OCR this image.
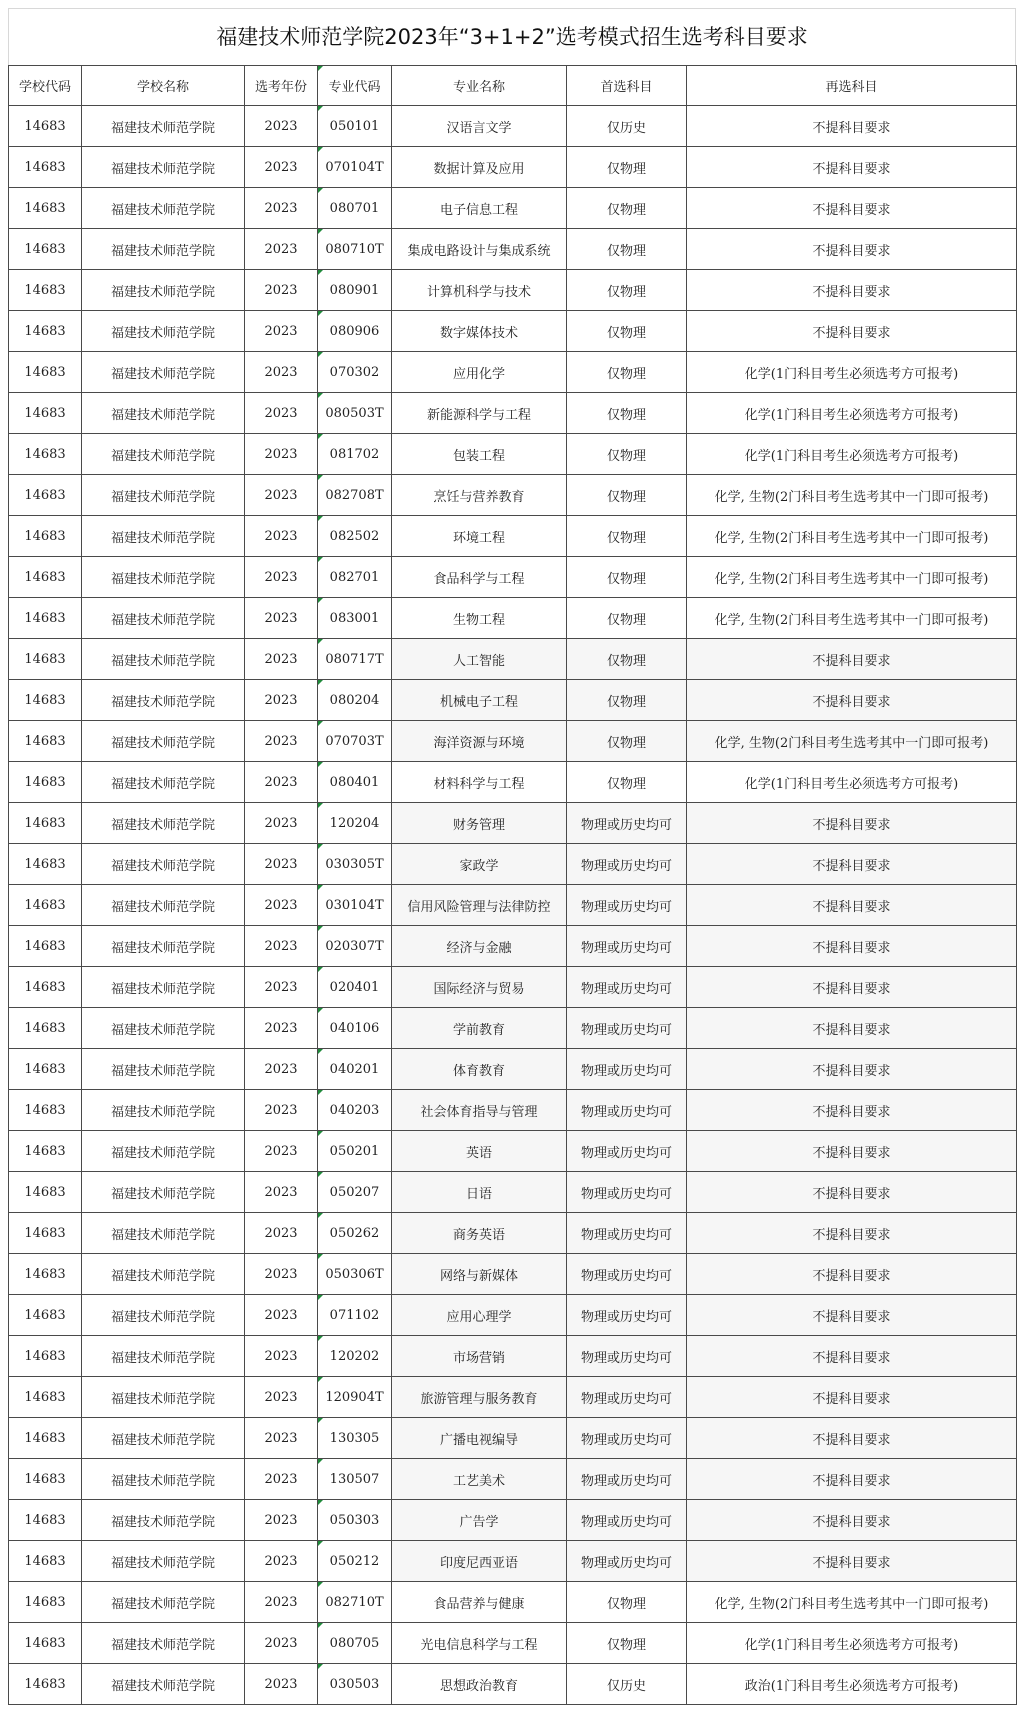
福建技术师范学院2023年“3+1+2”选考模式招生选考科目要求
学校代码	学校名称	选考年份	专业代码	专业名称	首选科目	再选科目
14683	福建技术师范学院	2023	050101	汉语言文学	仅历史	不提科目要求
14683	福建技术师范学院	2023	070104T	数据计算及应用	仅物理	不提科目要求
14683	福建技术师范学院	2023	080701	电子信息工程	仅物理	不提科目要求
14683	福建技术师范学院	2023	080710T	集成电路设计与集成系统	仅物理	不提科目要求
14683	福建技术师范学院	2023	080901	计算机科学与技术	仅物理	不提科目要求
14683	福建技术师范学院	2023	080906	数字媒体技术	仅物理	不提科目要求
14683	福建技术师范学院	2023	070302	应用化学	仅物理	化学(1门科目考生必须选考方可报考)
14683	福建技术师范学院	2023	080503T	新能源科学与工程	仅物理	化学(1门科目考生必须选考方可报考)
14683	福建技术师范学院	2023	081702	包装工程	仅物理	化学(1门科目考生必须选考方可报考)
14683	福建技术师范学院	2023	082708T	烹饪与营养教育	仅物理	化学, 生物(2门科目考生选考其中一门即可报考)
14683	福建技术师范学院	2023	082502	环境工程	仅物理	化学, 生物(2门科目考生选考其中一门即可报考)
14683	福建技术师范学院	2023	082701	食品科学与工程	仅物理	化学, 生物(2门科目考生选考其中一门即可报考)
14683	福建技术师范学院	2023	083001	生物工程	仅物理	化学, 生物(2门科目考生选考其中一门即可报考)
14683	福建技术师范学院	2023	080717T	人工智能	仅物理	不提科目要求
14683	福建技术师范学院	2023	080204	机械电子工程	仅物理	不提科目要求
14683	福建技术师范学院	2023	070703T	海洋资源与环境	仅物理	化学, 生物(2门科目考生选考其中一门即可报考)
14683	福建技术师范学院	2023	080401	材料科学与工程	仅物理	化学(1门科目考生必须选考方可报考)
14683	福建技术师范学院	2023	120204	财务管理	物理或历史均可	不提科目要求
14683	福建技术师范学院	2023	030305T	家政学	物理或历史均可	不提科目要求
14683	福建技术师范学院	2023	030104T	信用风险管理与法律防控	物理或历史均可	不提科目要求
14683	福建技术师范学院	2023	020307T	经济与金融	物理或历史均可	不提科目要求
14683	福建技术师范学院	2023	020401	国际经济与贸易	物理或历史均可	不提科目要求
14683	福建技术师范学院	2023	040106	学前教育	物理或历史均可	不提科目要求
14683	福建技术师范学院	2023	040201	体育教育	物理或历史均可	不提科目要求
14683	福建技术师范学院	2023	040203	社会体育指导与管理	物理或历史均可	不提科目要求
14683	福建技术师范学院	2023	050201	英语	物理或历史均可	不提科目要求
14683	福建技术师范学院	2023	050207	日语	物理或历史均可	不提科目要求
14683	福建技术师范学院	2023	050262	商务英语	物理或历史均可	不提科目要求
14683	福建技术师范学院	2023	050306T	网络与新媒体	物理或历史均可	不提科目要求
14683	福建技术师范学院	2023	071102	应用心理学	物理或历史均可	不提科目要求
14683	福建技术师范学院	2023	120202	市场营销	物理或历史均可	不提科目要求
14683	福建技术师范学院	2023	120904T	旅游管理与服务教育	物理或历史均可	不提科目要求
14683	福建技术师范学院	2023	130305	广播电视编导	物理或历史均可	不提科目要求
14683	福建技术师范学院	2023	130507	工艺美术	物理或历史均可	不提科目要求
14683	福建技术师范学院	2023	050303	广告学	物理或历史均可	不提科目要求
14683	福建技术师范学院	2023	050212	印度尼西亚语	物理或历史均可	不提科目要求
14683	福建技术师范学院	2023	082710T	食品营养与健康	仅物理	化学, 生物(2门科目考生选考其中一门即可报考)
14683	福建技术师范学院	2023	080705	光电信息科学与工程	仅物理	化学(1门科目考生必须选考方可报考)
14683	福建技术师范学院	2023	030503	思想政治教育	仅历史	政治(1门科目考生必须选考方可报考)
